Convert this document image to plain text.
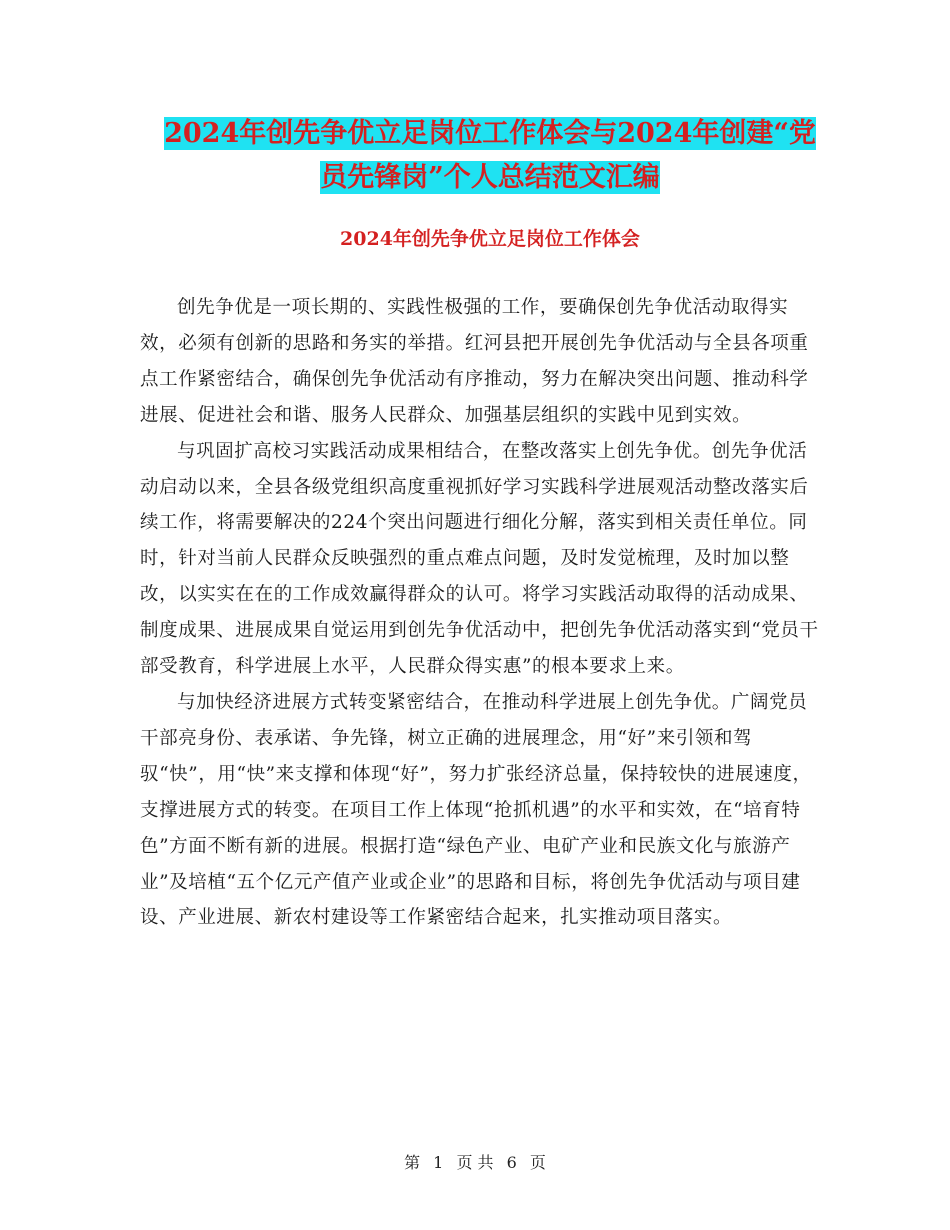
2024年创先争优立足岗位工作体会与2024年创建“党
员先锋岗”个人总结范文汇编
2024年创先争优立足岗位工作体会

创先争优是一项长期的、实践性极强的工作，要确保创先争优活动取得实效，必须有创新的思路和务实的举措。红河县把开展创先争优活动与全县各项重点工作紧密结合，确保创先争优活动有序推动，努力在解决突出问题、推动科学进展、促进社会和谐、服务人民群众、加强基层组织的实践中见到实效。

与巩固扩高校习实践活动成果相结合，在整改落实上创先争优。创先争优活动启动以来，全县各级党组织高度重视抓好学习实践科学进展观活动整改落实后续工作，将需要解决的224个突出问题进行细化分解，落实到相关责任单位。同时，针对当前人民群众反映强烈的重点难点问题，及时发觉梳理，及时加以整改，以实实在在的工作成效赢得群众的认可。将学习实践活动取得的活动成果、制度成果、进展成果自觉运用到创先争优活动中，把创先争优活动落实到“党员干部受教育，科学进展上水平，人民群众得实惠”的根本要求上来。

与加快经济进展方式转变紧密结合，在推动科学进展上创先争优。广阔党员干部亮身份、表承诺、争先锋，树立正确的进展理念，用“好”来引领和驾驭“快”，用“快”来支撑和体现“好”，努力扩张经济总量，保持较快的进展速度，支撑进展方式的转变。在项目工作上体现“抢抓机遇”的水平和实效，在“培育特色”方面不断有新的进展。根据打造“绿色产业、电矿产业和民族文化与旅游产业”及培植“五个亿元产值产业或企业”的思路和目标，将创先争优活动与项目建设、产业进展、新农村建设等工作紧密结合起来，扎实推动项目落实。

第 1 页 共 6 页
